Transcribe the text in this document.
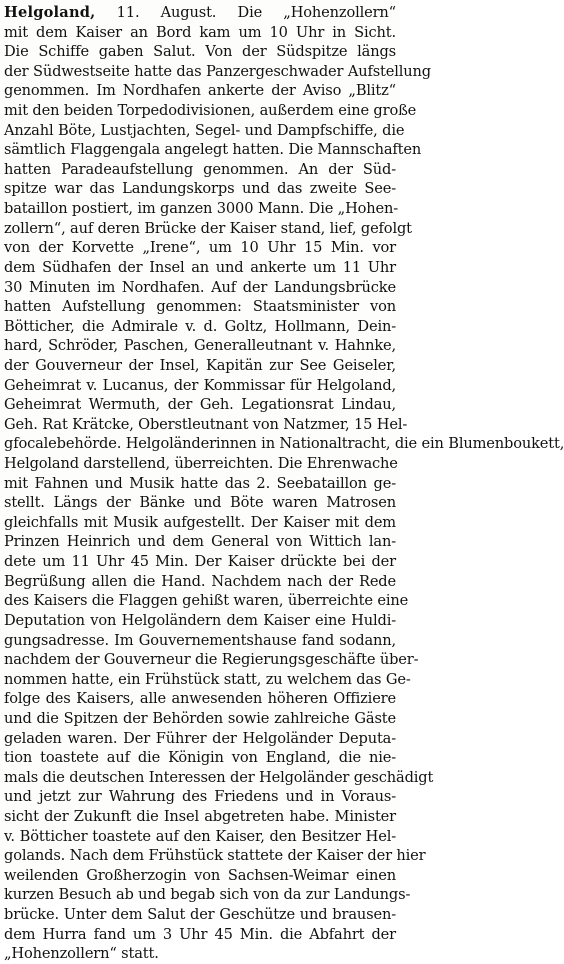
Helgoland, 11. August. Die „Hohenzollern“
mit dem Kaiser an Bord kam um 10 Uhr in Sicht.
Die Schiffe gaben Salut. Von der Südspitze längs
der Südwestseite hatte das Panzergeschwader Aufstellung
genommen. Im Nordhafen ankerte der Aviso „Blitz“
mit den beiden Torpedodivisionen, außerdem eine große
Anzahl Böte, Lustjachten, Segel- und Dampfschiffe, die
sämtlich Flaggengala angelegt hatten. Die Mannschaften
hatten Paradeaufstellung genommen. An der Süd-
spitze war das Landungskorps und das zweite See-
bataillon postiert, im ganzen 3000 Mann. Die „Hohen-
zollern“, auf deren Brücke der Kaiser stand, lief, gefolgt
von der Korvette „Irene“, um 10 Uhr 15 Min. vor
dem Südhafen der Insel an und ankerte um 11 Uhr
30 Minuten im Nordhafen. Auf der Landungsbrücke
hatten Aufstellung genommen: Staatsminister von
Bötticher, die Admirale v. d. Goltz, Hollmann, Dein-
hard, Schröder, Paschen, Generalleutnant v. Hahnke,
der Gouverneur der Insel, Kapitän zur See Geiseler,
Geheimrat v. Lucanus, der Kommissar für Helgoland,
Geheimrat Wermuth, der Geh. Legationsrat Lindau,
Geh. Rat Krätcke, Oberstleutnant von Natzmer, 15 Hel-
gfocalebehörde. Helgoländerinnen in Nationaltracht, die ein Blumenboukett,
Helgoland darstellend, überreichten. Die Ehrenwache
mit Fahnen und Musik hatte das 2. Seebataillon ge-
stellt. Längs der Bänke und Böte waren Matrosen
gleichfalls mit Musik aufgestellt. Der Kaiser mit dem
Prinzen Heinrich und dem General von Wittich lan-
dete um 11 Uhr 45 Min. Der Kaiser drückte bei der
Begrüßung allen die Hand. Nachdem nach der Rede
des Kaisers die Flaggen gehißt waren, überreichte eine
Deputation von Helgoländern dem Kaiser eine Huldi-
gungsadresse. Im Gouvernementshause fand sodann,
nachdem der Gouverneur die Regierungsgeschäfte über-
nommen hatte, ein Frühstück statt, zu welchem das Ge-
folge des Kaisers, alle anwesenden höheren Offiziere
und die Spitzen der Behörden sowie zahlreiche Gäste
geladen waren. Der Führer der Helgoländer Deputa-
tion toastete auf die Königin von England, die nie-
mals die deutschen Interessen der Helgoländer geschädigt
und jetzt zur Wahrung des Friedens und in Voraus-
sicht der Zukunft die Insel abgetreten habe. Minister
v. Bötticher toastete auf den Kaiser, den Besitzer Hel-
golands. Nach dem Frühstück stattete der Kaiser der hier
weilenden Großherzogin von Sachsen-Weimar einen
kurzen Besuch ab und begab sich von da zur Landungs-
brücke. Unter dem Salut der Geschütze und brausen-
dem Hurra fand um 3 Uhr 45 Min. die Abfahrt der
„Hohenzollern“ statt.
